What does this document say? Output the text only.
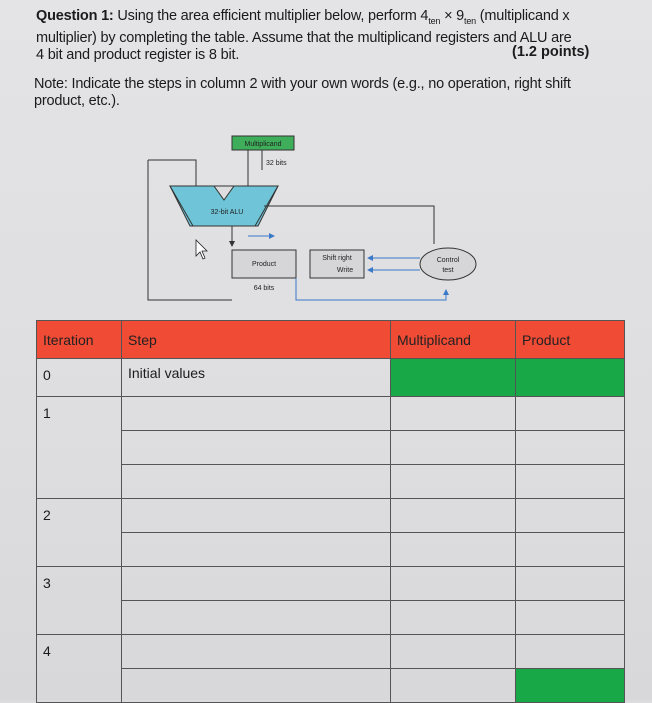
Question 1: Using the area efficient multiplier below, perform $4_{ten} \times 9_{ten}$ (multiplicand x
multiplier) by completing the table. Assume that the multiplicand registers and ALU are
4 bit and product register is 8 bit.	(1.2 points)
Note: Indicate the steps in column 2 with your own words (e.g., no operation, right shift product, etc.).
Multiplicand
32 bits
32-bit ALU
Product
64 bits
Shift right
Write
Control
test
Iteration	Step	Multiplicand	Product
0	Initial values		
1			

2			

3			

4			
